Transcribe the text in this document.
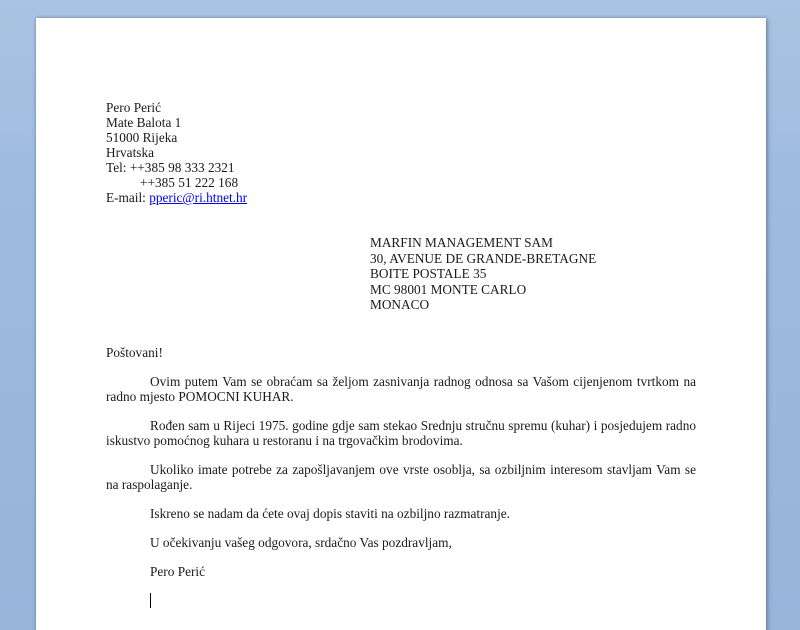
Pero Perić
Mate Balota 1
51000 Rijeka
Hrvatska
Tel: ++385 98 333 2321
++385 51 222 168
E-mail: pperic@ri.htnet.hr
MARFIN MANAGEMENT SAM
30, AVENUE DE GRANDE-BRETAGNE
BOITE POSTALE 35
MC 98001 MONTE CARLO
MONACO
Poštovani!
Ovim putem Vam se obraćam sa željom zasnivanja radnog odnosa sa Vašom cijenjenom tvrtkom na radno mjesto POMOCNI KUHAR.
Rođen sam u Rijeci 1975. godine gdje sam stekao Srednju stručnu spremu (kuhar) i posjedujem radno iskustvo pomoćnog kuhara u restoranu i na trgovačkim brodovima.
Ukoliko imate potrebe za zapošljavanjem ove vrste osoblja, sa ozbiljnim interesom stavljam Vam se na raspolaganje.
Iskreno se nadam da ćete ovaj dopis staviti na ozbiljno razmatranje.
U očekivanju vašeg odgovora, srdačno Vas pozdravljam,
Pero Perić
